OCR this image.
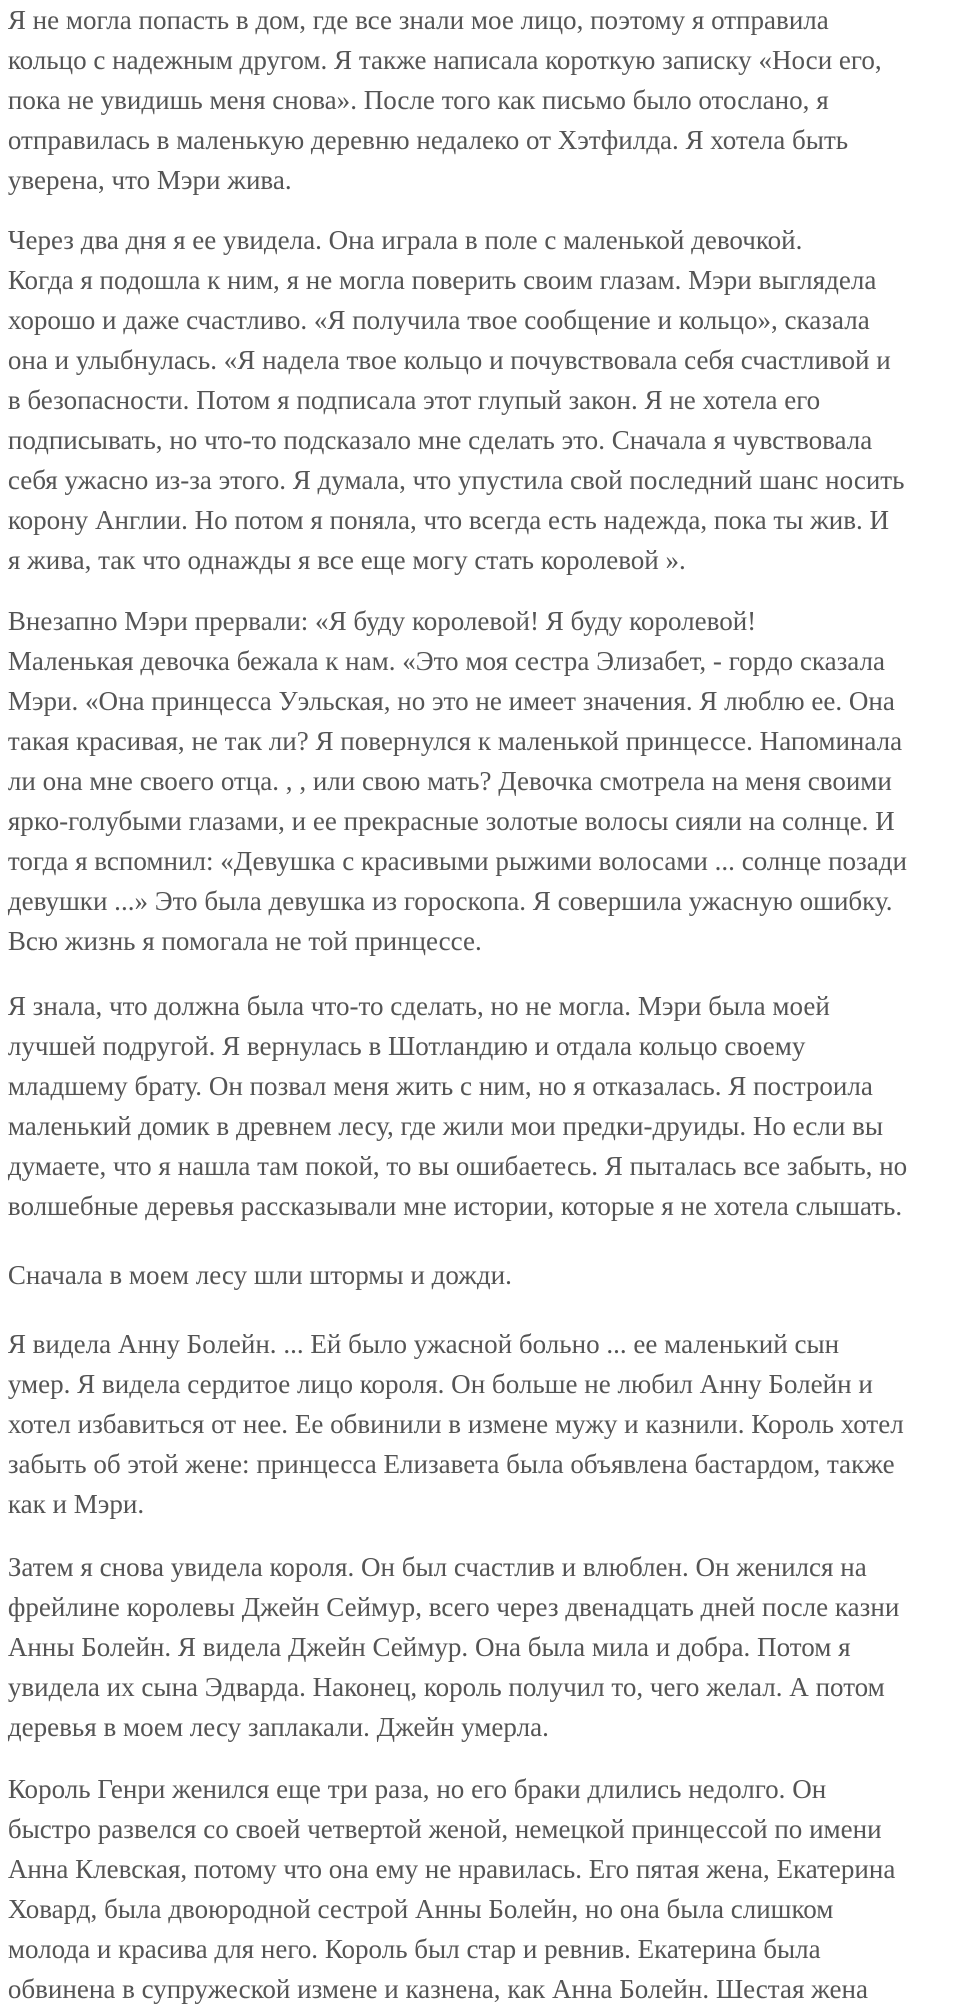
Я не могла попасть в дом, где все знали мое лицо, поэтому я отправила
кольцо с надежным другом. Я также написала короткую записку «Носи его,
пока не увидишь меня снова». После того как письмо было отослано, я
отправилась в маленькую деревню недалеко от Хэтфилда. Я хотела быть
уверена, что Мэри жива.

Через два дня я ее увидела. Она играла в поле с маленькой девочкой.
Когда я подошла к ним, я не могла поверить своим глазам. Мэри выглядела
хорошо и даже счастливо. «Я получила твое сообщение и кольцо», сказала
она и улыбнулась. «Я надела твое кольцо и почувствовала себя счастливой и
в безопасности. Потом я подписала этот глупый закон. Я не хотела его
подписывать, но что-то подсказало мне сделать это. Сначала я чувствовала
себя ужасно из-за этого. Я думала, что упустила свой последний шанс носить
корону Англии. Но потом я поняла, что всегда есть надежда, пока ты жив. И
я жива, так что однажды я все еще могу стать королевой ».

Внезапно Мэри прервали: «Я буду королевой! Я буду королевой!
Маленькая девочка бежала к нам. «Это моя сестра Элизабет, - гордо сказала
Мэри. «Она принцесса Уэльская, но это не имеет значения. Я люблю ее. Она
такая красивая, не так ли? Я повернулся к маленькой принцессе. Напоминала
ли она мне своего отца. , , или свою мать? Девочка смотрела на меня своими
ярко-голубыми глазами, и ее прекрасные золотые волосы сияли на солнце. И
тогда я вспомнил: «Девушка с красивыми рыжими волосами ... солнце позади
девушки ...» Это была девушка из гороскопа. Я совершила ужасную ошибку.
Всю жизнь я помогала не той принцессе.

Я знала, что должна была что-то сделать, но не могла. Мэри была моей
лучшей подругой. Я вернулась в Шотландию и отдала кольцо своему
младшему брату. Он позвал меня жить с ним, но я отказалась. Я построила
маленький домик в древнем лесу, где жили мои предки-друиды. Но если вы
думаете, что я нашла там покой, то вы ошибаетесь. Я пыталась все забыть, но
волшебные деревья рассказывали мне истории, которые я не хотела слышать.

Сначала в моем лесу шли штормы и дожди.

Я видела Анну Болейн. ... Ей было ужасной больно ... ее маленький сын
умер. Я видела сердитое лицо короля. Он больше не любил Анну Болейн и
хотел избавиться от нее. Ее обвинили в измене мужу и казнили. Король хотел
забыть об этой жене: принцесса Елизавета была объявлена бастардом, также
как и Мэри.

Затем я снова увидела короля. Он был счастлив и влюблен. Он женился на
фрейлине королевы Джейн Сеймур, всего через двенадцать дней после казни
Анны Болейн. Я видела Джейн Сеймур. Она была мила и добра. Потом я
увидела их сына Эдварда. Наконец, король получил то, чего желал. А потом
деревья в моем лесу заплакали. Джейн умерла.

Король Генри женился еще три раза, но его браки длились недолго. Он
быстро развелся со своей четвертой женой, немецкой принцессой по имени
Анна Клевская, потому что она ему не нравилась. Его пятая жена, Екатерина
Ховард, была двоюродной сестрой Анны Болейн, но она была слишком
молода и красива для него. Король был стар и ревнив. Екатерина была
обвинена в супружеской измене и казнена, как Анна Болейн. Шестая жена
